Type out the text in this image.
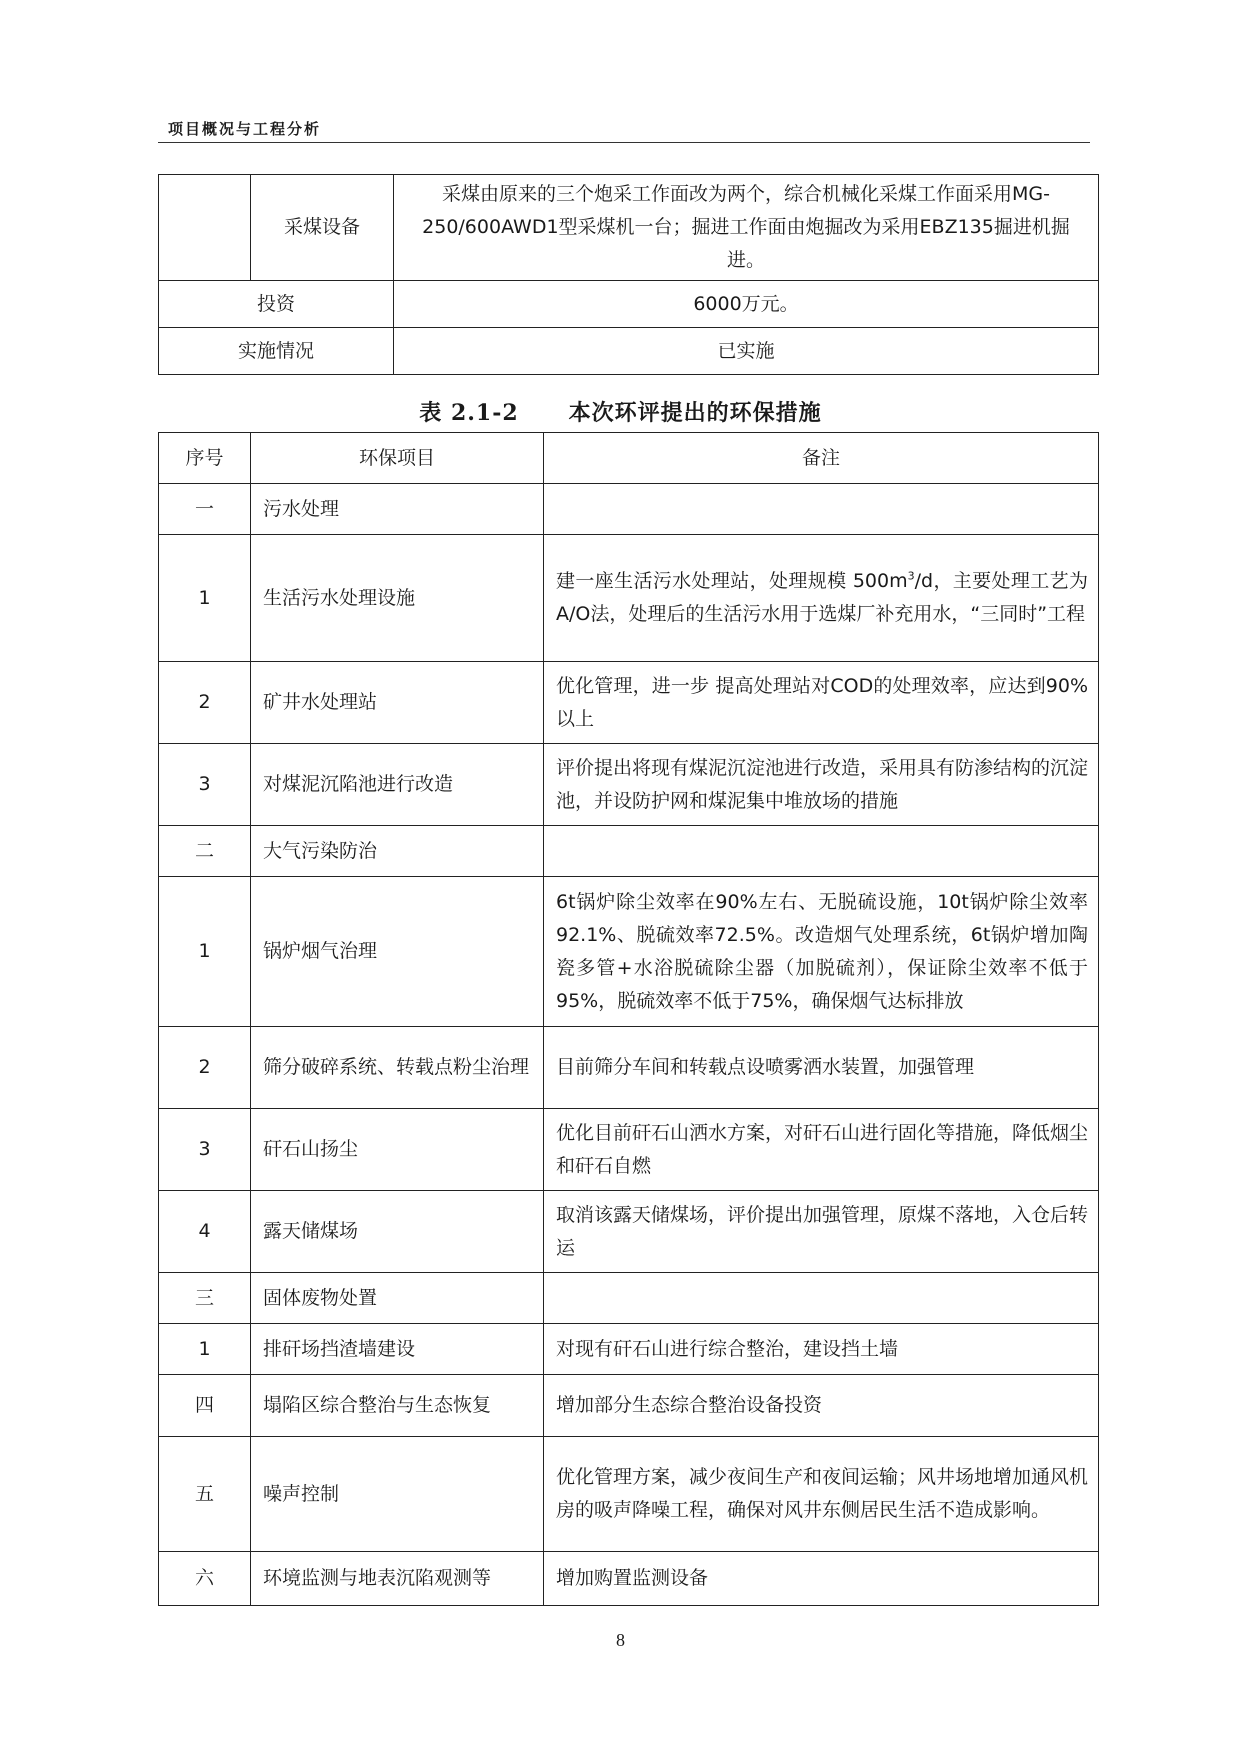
项目概况与工程分析
	采煤设备	采煤由原来的三个炮采工作面改为两个，综合机械化采煤工作面采用MG-250/600AWD1型采煤机一台；掘进工作面由炮掘改为采用EBZ135掘进机掘进。
投资		6000万元。
实施情况		已实施
表 2.1-2 本次环评提出的环保措施
序号	环保项目	备注
一	污水处理	
1	生活污水处理设施	建一座生活污水处理站，处理规模 $500m^3/d$，主要处理工艺为A/O法，处理后的生活污水用于选煤厂补充用水，“三同时”工程
2	矿井水处理站	优化管理，进一步 提高处理站对COD的处理效率，应达到90%以上
3	对煤泥沉陷池进行改造	评价提出将现有煤泥沉淀池进行改造，采用具有防渗结构的沉淀池，并设防护网和煤泥集中堆放场的措施
二	大气污染防治	
1	锅炉烟气治理	6t锅炉除尘效率在90%左右、无脱硫设施，10t锅炉除尘效率92.1%、脱硫效率72.5%。改造烟气处理系统，6t锅炉增加陶瓷多管+水浴脱硫除尘器（加脱硫剂），保证除尘效率不低于95%，脱硫效率不低于75%，确保烟气达标排放
2	筛分破碎系统、转载点粉尘治理	目前筛分车间和转载点设喷雾洒水装置，加强管理
3	矸石山扬尘	优化目前矸石山洒水方案，对矸石山进行固化等措施，降低烟尘和矸石自燃
4	露天储煤场	取消该露天储煤场，评价提出加强管理，原煤不落地，入仓后转运
三	固体废物处置	
1	排矸场挡渣墙建设	对现有矸石山进行综合整治，建设挡土墙
四	塌陷区综合整治与生态恢复	增加部分生态综合整治设备投资
五	噪声控制	优化管理方案，减少夜间生产和夜间运输；风井场地增加通风机房的吸声降噪工程，确保对风井东侧居民生活不造成影响。
六	环境监测与地表沉陷观测等	增加购置监测设备
8
